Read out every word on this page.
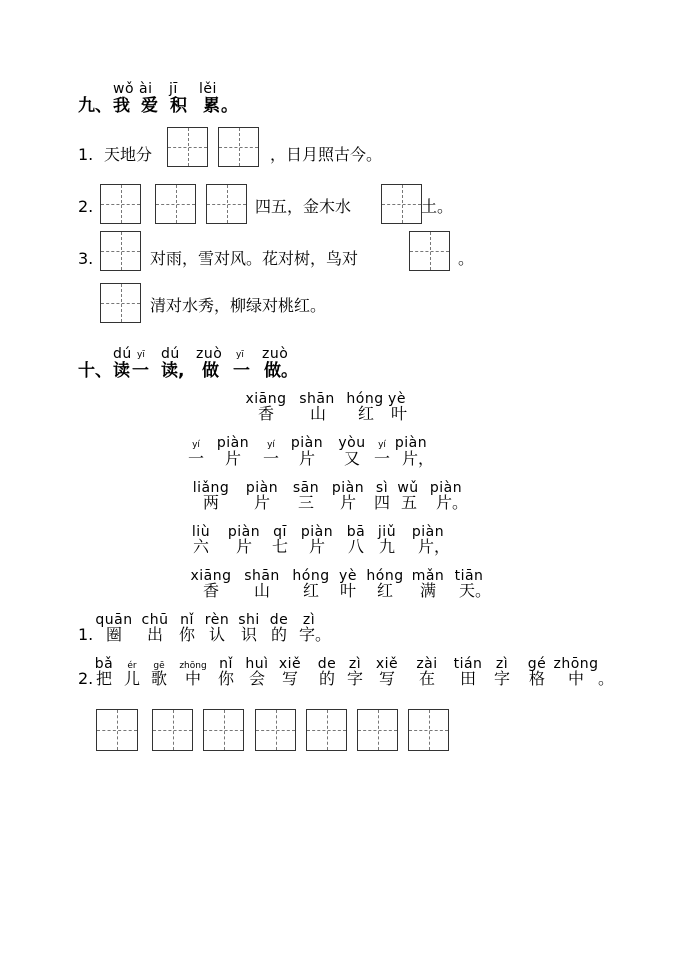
wǒ ài jī lěi
九、 我 爱 积 累 。
1. 天地分	，日月照古今。
2.	四五，金木水	土。
3.	对雨，雪对风。花对树，鸟对	。
清对水秀，柳绿对桃红。
dú yī dú zuò yī zuò
十、 读 一 读, 做 一 做。
xiāng shān hóng yè
香 山 红 叶
yí	piàn	yí	piàn	yòu	yí piàn
一 片 一 片 又 一 片，
liǎng	piàn	sān piàn sì wǔ piàn
两 片 三 片 四 五 片。
liù	piàn qī piàn bā jiǔ	piàn
六 片 七 片 八 九 片，
xiāng shān hóng yè hóng mǎn tiān
香 山 红 叶 红 满 天。
1.
quān chū nǐ rèn shi de	zì
圈 出 你 认 识 的 字。
2.
bǎ	ér	gē	zhōng nǐ huì xiě de zì	xiě	zài	tián zì	gé zhōng
把 儿 歌 中 你 会 写 的 字 写 在 田 字 格 中 。
